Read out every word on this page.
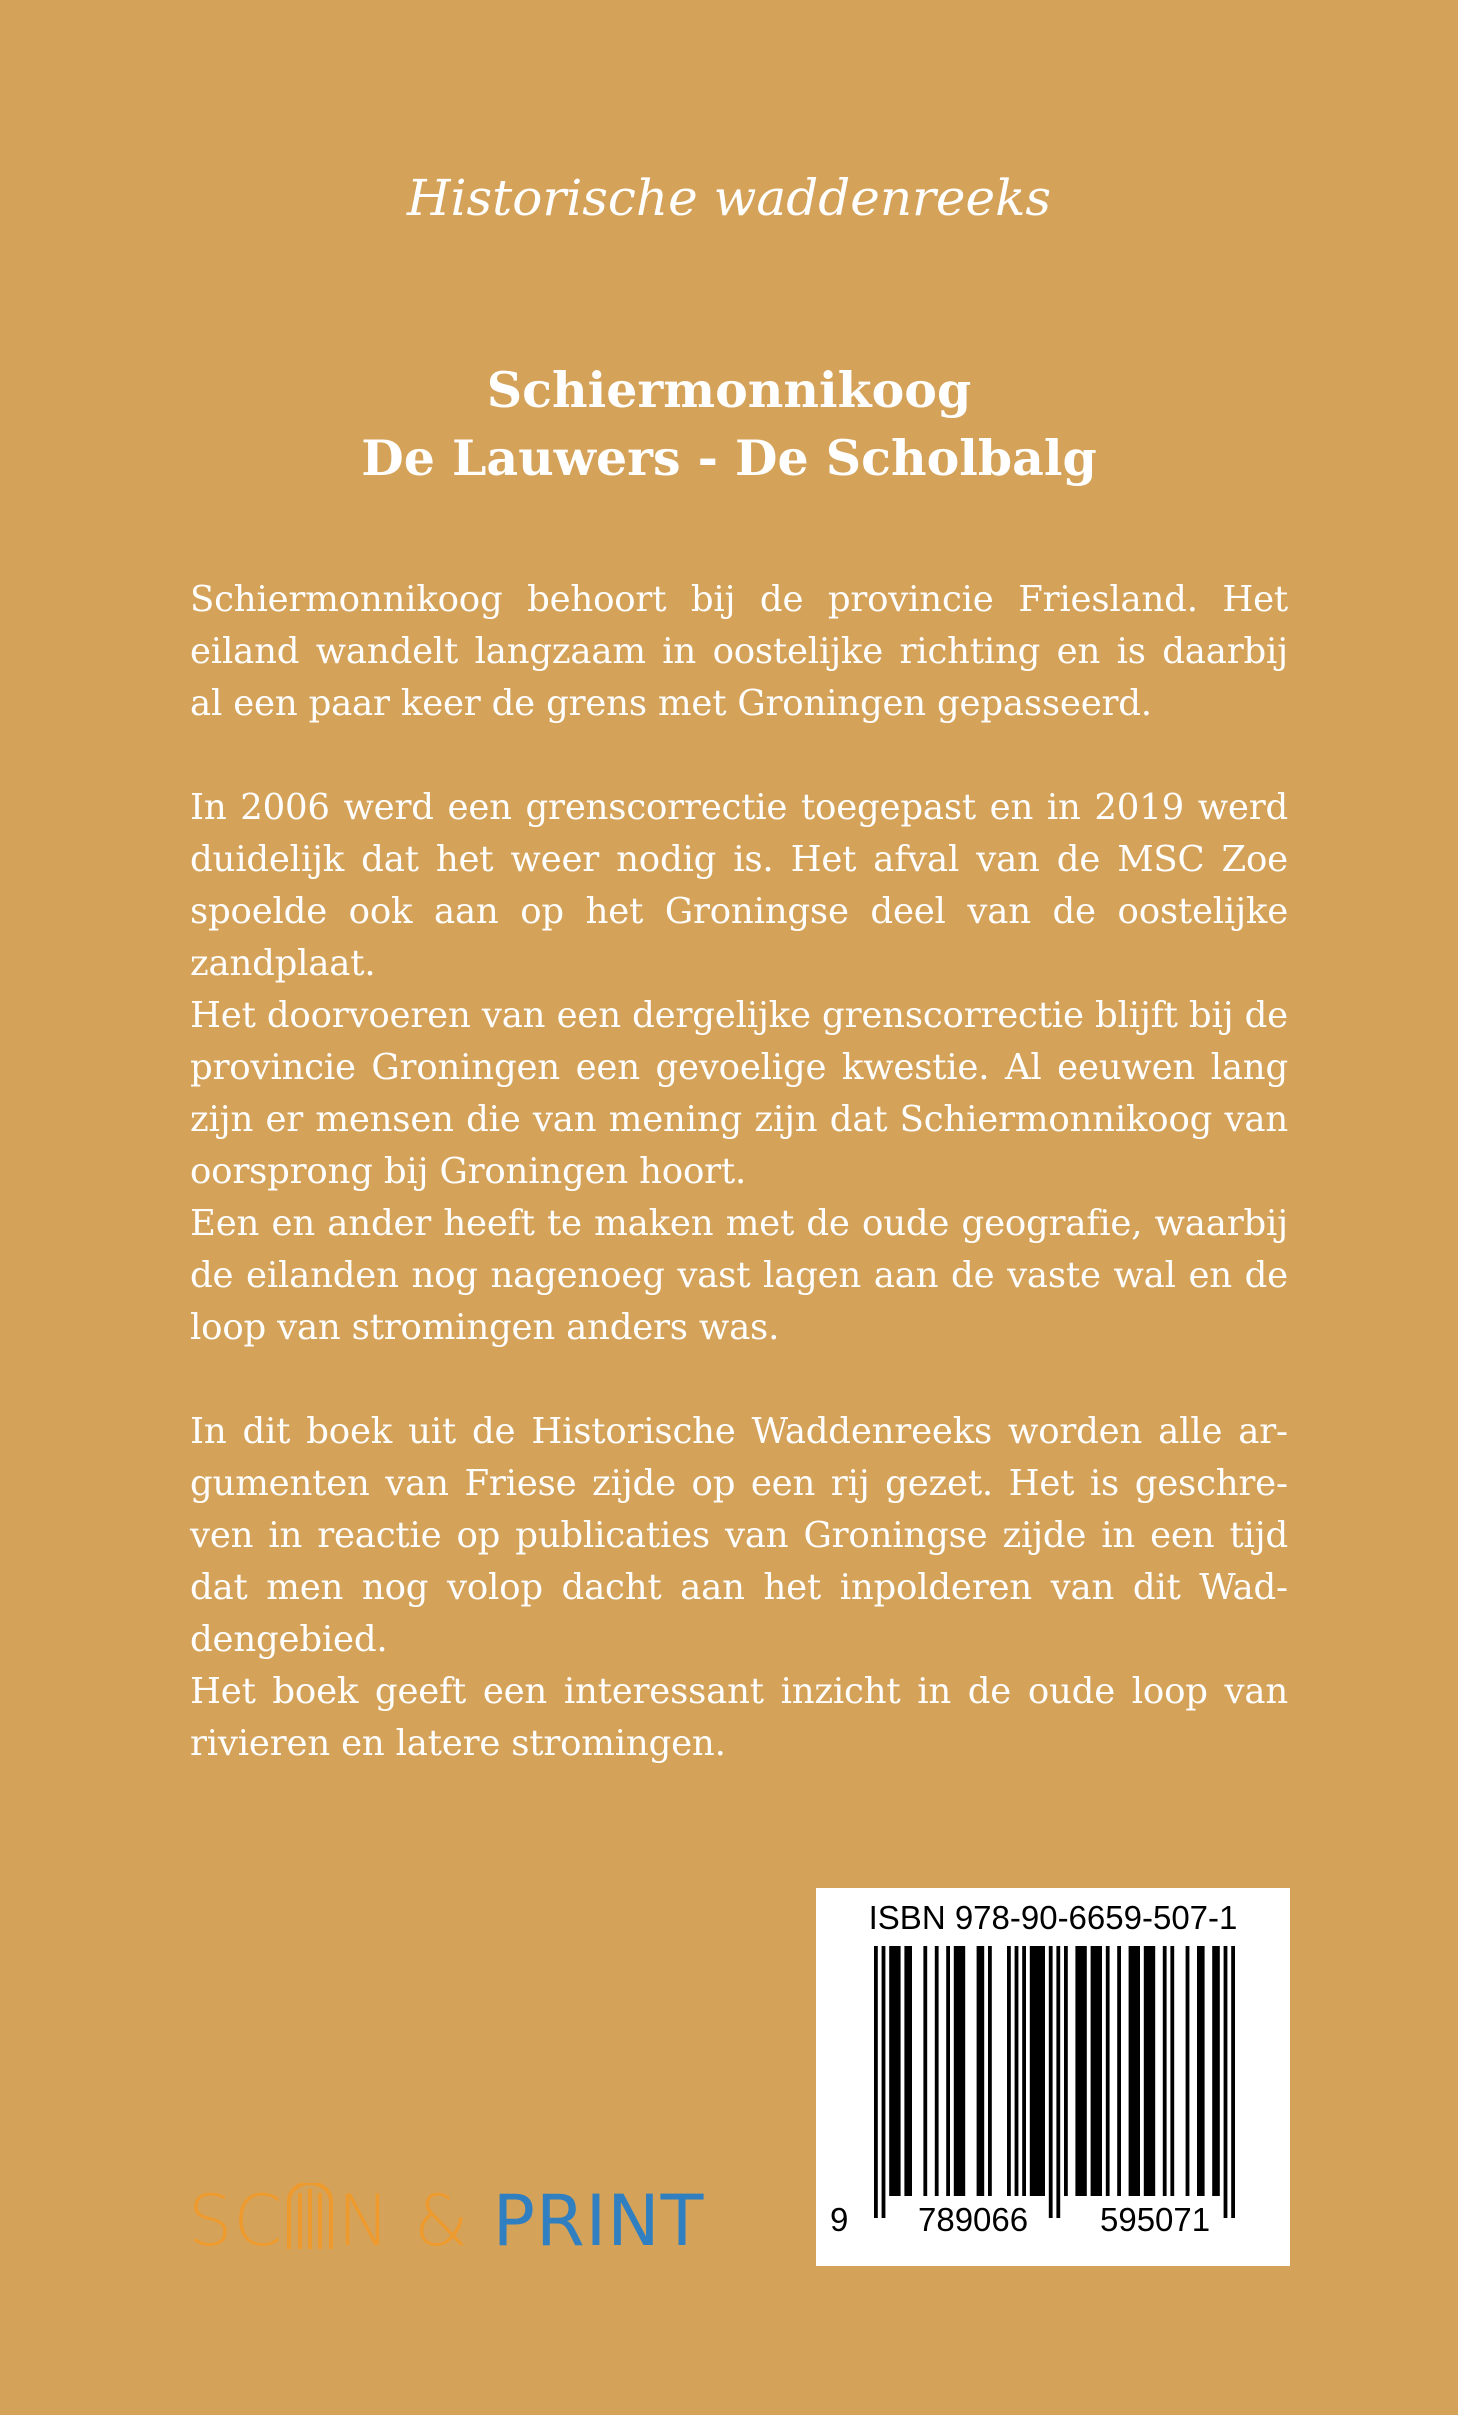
Historische waddenreeks
Schiermonnikoog
De Lauwers - De Scholbalg

Schiermonnikoog behoort bij de provincie Friesland. Het eiland wandelt langzaam in oostelijke richting en is daarbij al een paar keer de grens met Groningen gepasseerd.

In 2006 werd een grenscorrectie toegepast en in 2019 werd duidelijk dat het weer nodig is. Het afval van de MSC Zoe spoelde ook aan op het Groningse deel van de oostelijke zandplaat.

Het doorvoeren van een dergelijke grenscorrectie blijft bij de provincie Groningen een gevoelige kwestie. Al eeuwen lang zijn er mensen die van mening zijn dat Schiermonnikoog van oorsprong bij Groningen hoort.

Een en ander heeft te maken met de oude geografie, waarbij de eilanden nog nagenoeg vast lagen aan de vaste wal en de loop van stromingen anders was.

In dit boek uit de Historische Waddenreeks worden alle argumenten van Friese zijde op een rij gezet. Het is geschreven in reactie op publicaties van Groningse zijde in een tijd dat men nog volop dacht aan het inpolderen van dit Waddengebied.

Het boek geeft een interessant inzicht in de oude loop van rivieren en latere stromingen.

SC N & PRINT
ISBN 978-90-6659-507-1
9 789066 595071
